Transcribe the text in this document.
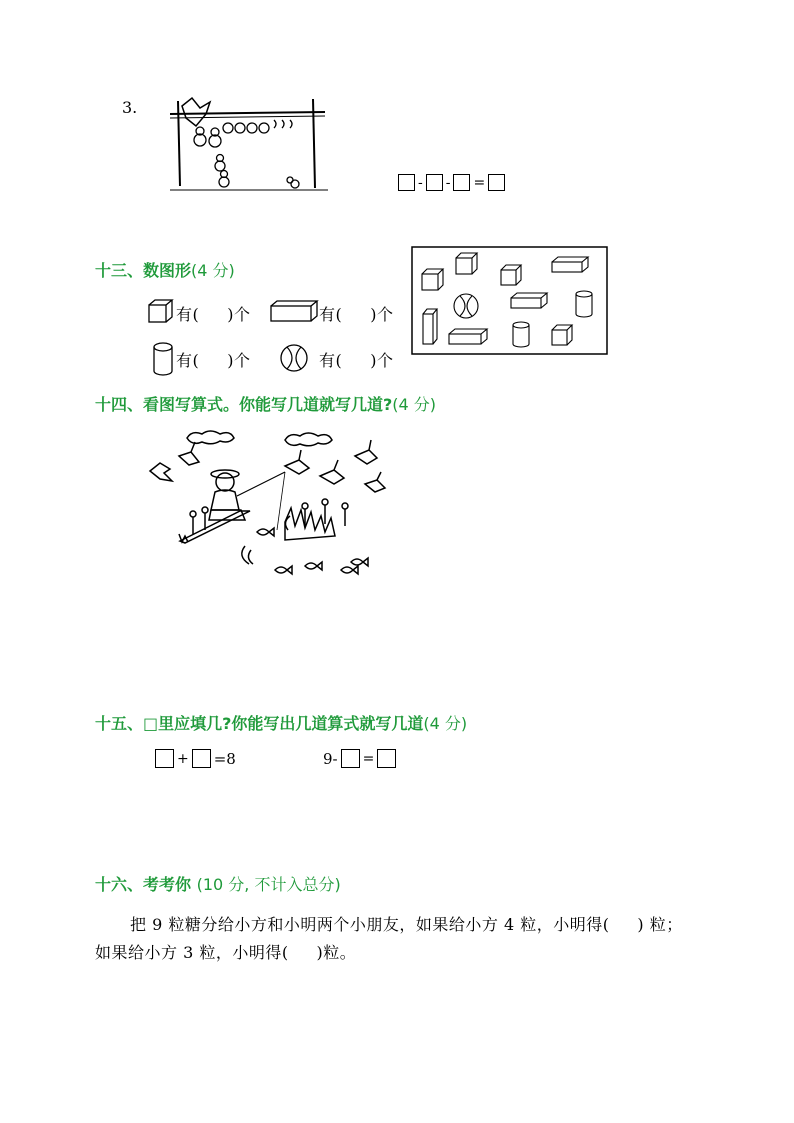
3.
- - =
十三、数图形(4 分)
有(     )个	有(     )个
有(     )个	有(     )个
十四、看图写算式。你能写几道就写几道?(4 分)
十五、□里应填几?你能写出几道算式就写几道(4 分)
+ =8	9- =
十六、考考你 (10 分, 不计入总分)
把 9 粒糖分给小方和小明两个小朋友，如果给小方 4 粒，小明得(     ) 粒；
如果给小方 3 粒，小明得(     )粒。
